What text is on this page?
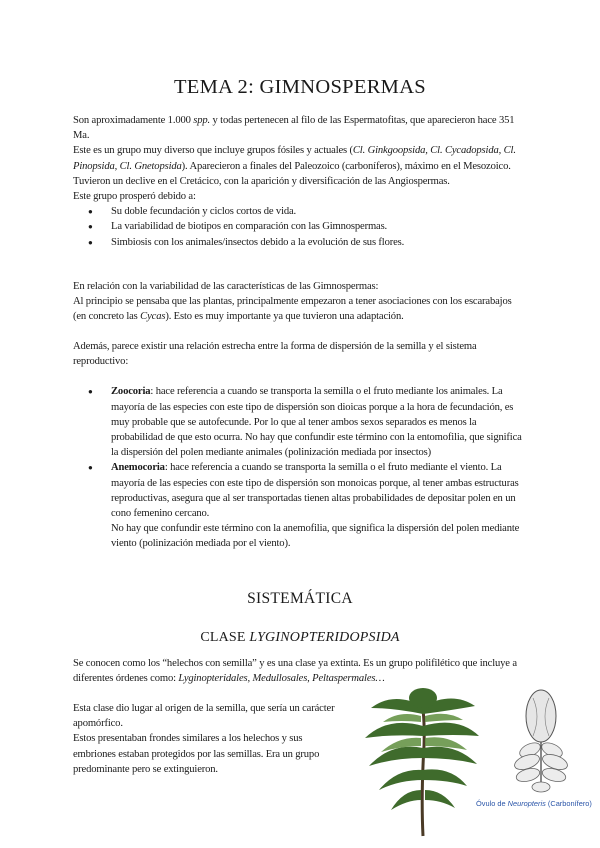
TEMA 2: GIMNOSPERMAS

Son aproximadamente 1.000 spp. y todas pertenecen al filo de las Espermatofitas, que aparecieron hace 351 Ma.

Este es un grupo muy diverso que incluye grupos fósiles y actuales (Cl. Ginkgoopsida, Cl. Cycadopsida, Cl. Pinopsida, Cl. Gnetopsida). Aparecieron a finales del Paleozoico (carboníferos), máximo en el Mesozoico. Tuvieron un declive en el Cretácico, con la aparición y diversificación de las Angiospermas.

Este grupo prosperó debido a:

● Su doble fecundación y ciclos cortos de vida.
● La variabilidad de biotipos en comparación con las Gimnospermas.
● Simbiosis con los animales/insectos debido a la evolución de sus flores.

En relación con la variabilidad de las características de las Gimnospermas:

Al principio se pensaba que las plantas, principalmente empezaron a tener asociaciones con los escarabajos (en concreto las Cycas). Esto es muy importante ya que tuvieron una adaptación.

Además, parece existir una relación estrecha entre la forma de dispersión de la semilla y el sistema reproductivo:

● Zoocoria: hace referencia a cuando se transporta la semilla o el fruto mediante los animales. La mayoría de las especies con este tipo de dispersión son dioicas porque a la hora de fecundación, es muy probable que se autofecunde. Por lo que al tener ambos sexos separados es menos la probabilidad de que esto ocurra. No hay que confundir este término con la entomofilia, que significa la dispersión del polen mediante animales (polinización mediada por insectos)
● Anemocoria: hace referencia a cuando se transporta la semilla o el fruto mediante el viento. La mayoría de las especies con este tipo de dispersión son monoicas porque, al tener ambas estructuras reproductivas, asegura que al ser transportadas tienen altas probabilidades de depositar polen en un cono femenino cercano.
No hay que confundir este término con la anemofilia, que significa la dispersión del polen mediante viento (polinización mediada por el viento).
SISTEMÁTICA
CLASE LYGINOPTERIDOPSIDA

Se conocen como los “helechos con semilla” y es una clase ya extinta. Es un grupo polifilético que incluye a diferentes órdenes como: Lyginopteridales, Medullosales, Peltaspermales…

Esta clase dio lugar al origen de la semilla, que sería un carácter apomórfico.

Estos presentaban frondes similares a los helechos y sus embriones estaban protegidos por las semillas. Era un grupo predominante pero se extinguieron.

Óvulo de Neuropteris (Carbonífero)
